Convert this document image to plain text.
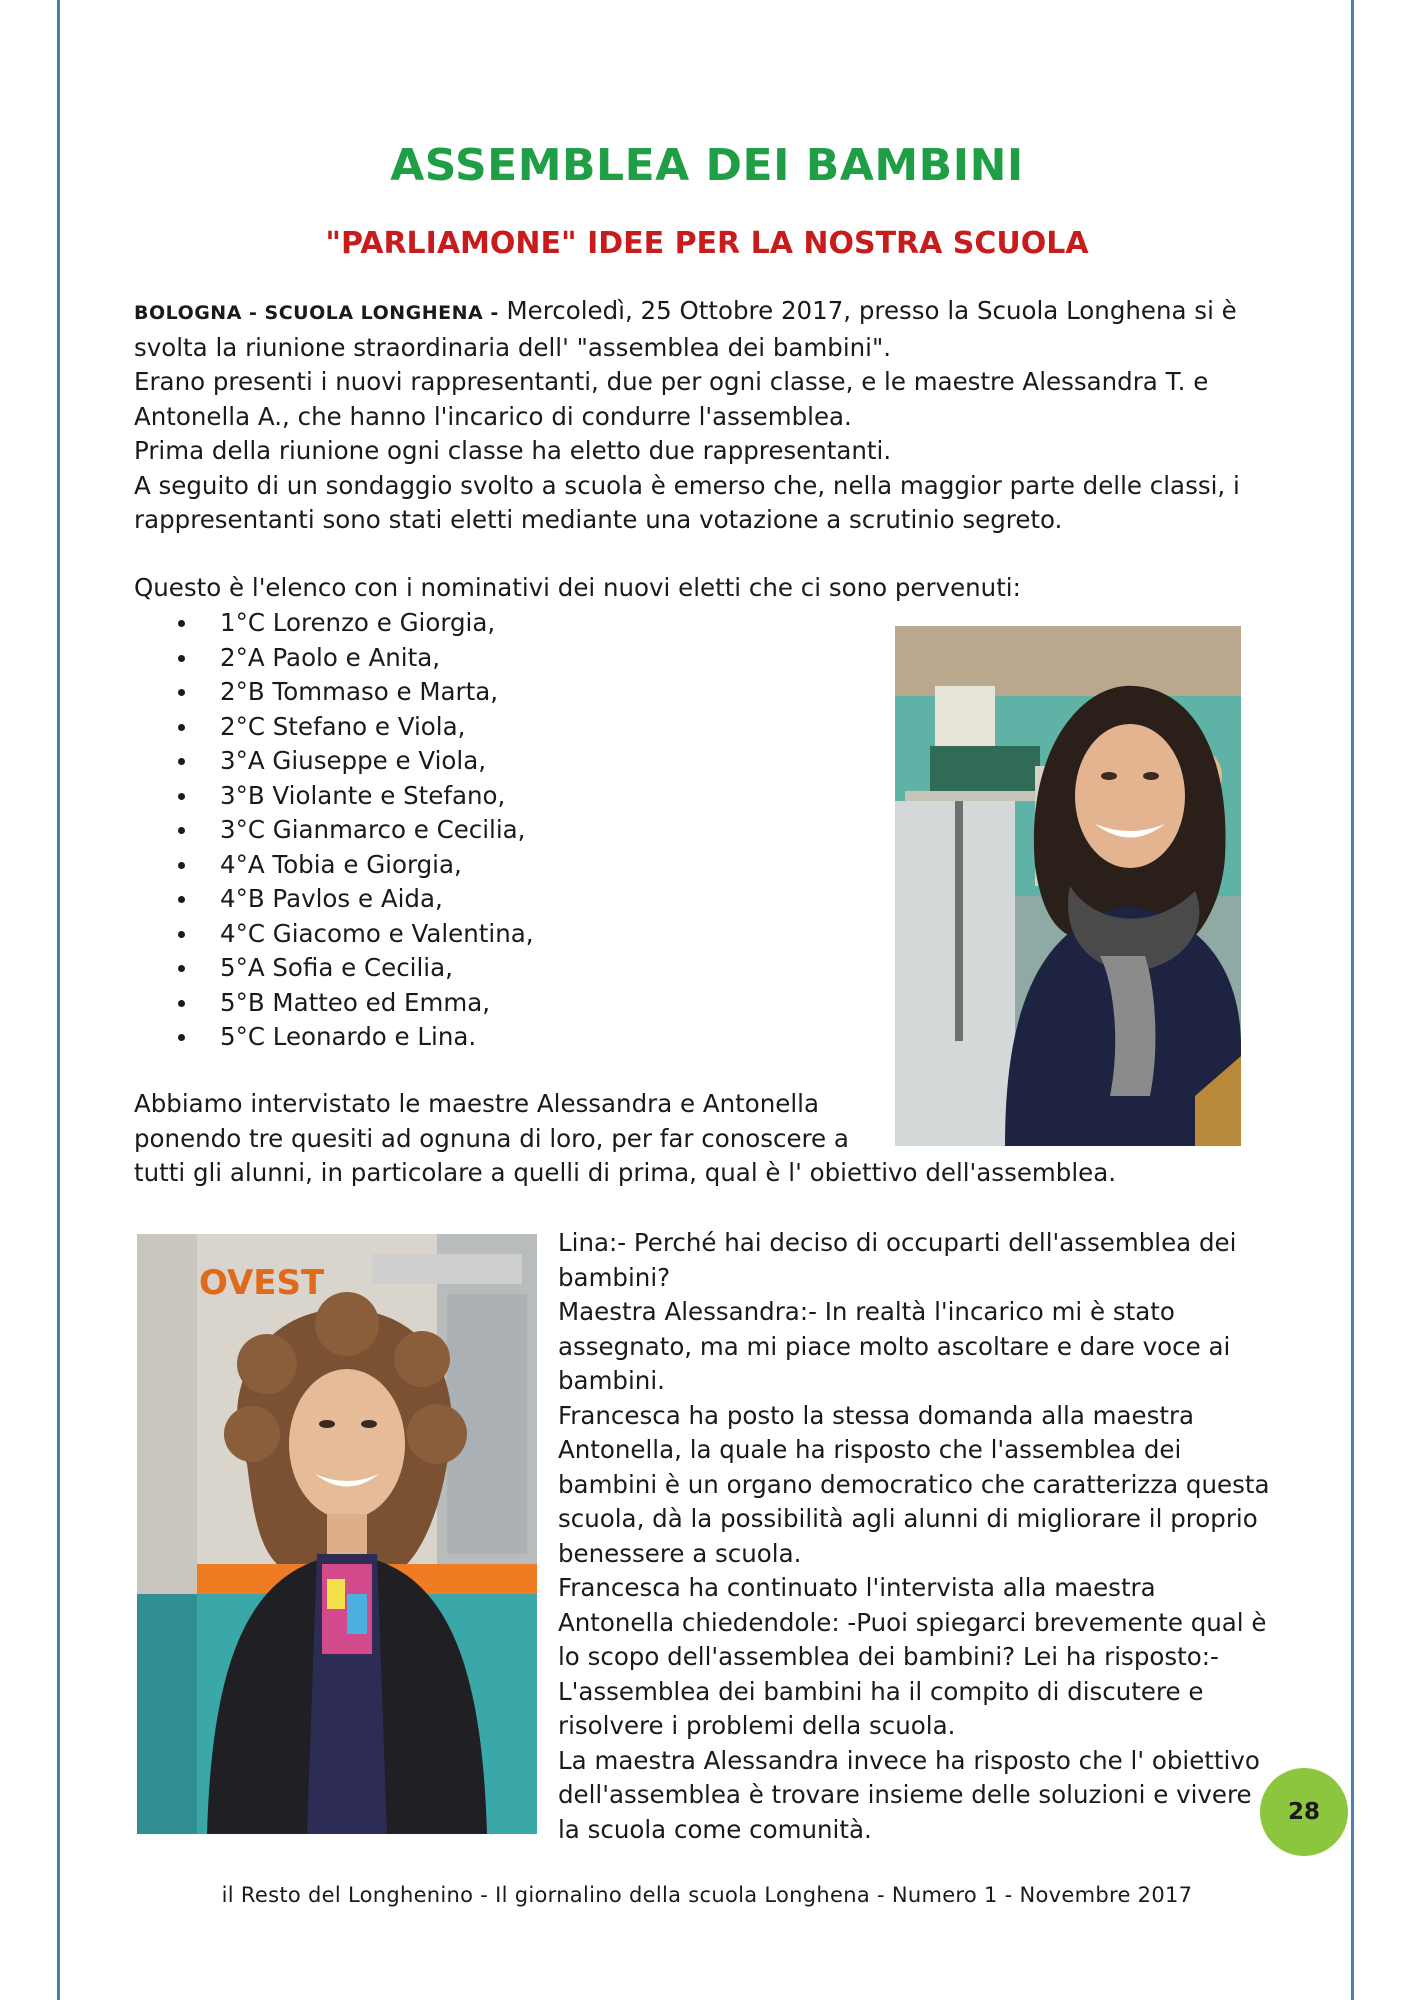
ASSEMBLEA DEI BAMBINI
"PARLIAMONE" IDEE PER LA NOSTRA SCUOLA

BOLOGNA - SCUOLA LONGHENA - Mercoledì, 25 Ottobre 2017, presso la Scuola Longhena si è svolta la riunione straordinaria dell' "assemblea dei bambini".

Erano presenti i nuovi rappresentanti, due per ogni classe, e le maestre Alessandra T. e Antonella A., che hanno l'incarico di condurre l'assemblea.

Prima della riunione ogni classe ha eletto due rappresentanti.

A seguito di un sondaggio svolto a scuola è emerso che, nella maggior parte delle classi, i rappresentanti sono stati eletti mediante una votazione a scrutinio segreto.

Questo è l'elenco con i nominativi dei nuovi eletti che ci sono pervenuti:
1°C Lorenzo e Giorgia,
2°A Paolo e Anita,
2°B Tommaso e Marta,
2°C Stefano e Viola,
3°A Giuseppe e Viola,
3°B Violante e Stefano,
3°C Gianmarco e Cecilia,
4°A Tobia e Giorgia,
4°B Pavlos e Aida,
4°C Giacomo e Valentina,
5°A Sofia e Cecilia,
5°B Matteo ed Emma,
5°C Leonardo e Lina.
Abbiamo intervistato le maestre Alessandra e Antonella
ponendo tre quesiti ad ognuna di loro, per far conoscere a
tutti gli alunni, in particolare a quelli di prima, qual è l' obiettivo dell'assemblea.
OVEST

Lina:- Perché hai deciso di occuparti dell'assemblea dei bambini?

Maestra Alessandra:- In realtà l'incarico mi è stato assegnato, ma mi piace molto ascoltare e dare voce ai bambini.

Francesca ha posto la stessa domanda alla maestra Antonella, la quale ha risposto che l'assemblea dei bambini è un organo democratico che caratterizza questa scuola, dà la possibilità agli alunni di migliorare il proprio benessere a scuola.

Francesca ha continuato l'intervista alla maestra Antonella chiedendole: -Puoi spiegarci brevemente qual è lo scopo dell'assemblea dei bambini? Lei ha risposto:- L'assemblea dei bambini ha il compito di discutere e risolvere i problemi della scuola.

La maestra Alessandra invece ha risposto che l' obiettivo dell'assemblea è trovare insieme delle soluzioni e vivere la scuola come comunità.

28
il Resto del Longhenino - Il giornalino della scuola Longhena - Numero 1 - Novembre 2017
